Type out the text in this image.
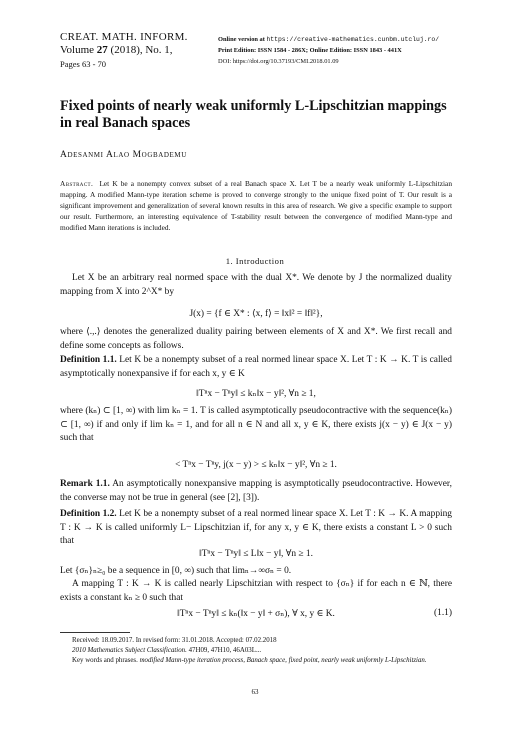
CREAT. MATH. INFORM.
Volume 27 (2018), No. 1,
Pages 63 - 70
Online version at https://creative-mathematics.cunbm.utcluj.ro/
Print Edition: ISSN 1584 - 286X; Online Edition: ISSN 1843 - 441X
DOI: https://doi.org/10.37193/CMI.2018.01.09
Fixed points of nearly weak uniformly L-Lipschitzian mappings in real Banach spaces
Adesanmi Alao Mogbademu
Abstract. Let K be a nonempty convex subset of a real Banach space X. Let T be a nearly weak uniformly L-Lipschitzian mapping. A modified Mann-type iteration scheme is proved to converge strongly to the unique fixed point of T. Our result is a significant improvement and generalization of several known results in this area of research. We give a specific example to support our result. Furthermore, an interesting equivalence of T-stability result between the convergence of modified Mann-type and modified Mann iterations is included.
1. Introduction
Let X be an arbitrary real normed space with the dual X*. We denote by J the normalized duality mapping from X into 2^X* by
J(x) = {f ∈ X* : ⟨x, f⟩ = ‖x‖² = ‖f‖²},
where ⟨.,.⟩ denotes the generalized duality pairing between elements of X and X*. We first recall and define some concepts as follows.
Definition 1.1. Let K be a nonempty subset of a real normed linear space X. Let T : K → K. T is called asymptotically nonexpansive if for each x, y ∈ K
‖Tⁿx − Tⁿy‖ ≤ kₙ‖x − y‖², ∀n ≥ 1,
where (kₙ) ⊂ [1, ∞) with lim kₙ = 1. T is called asymptotically pseudocontractive with the sequence(kₙ) ⊂ [1, ∞) if and only if lim kₙ = 1, and for all n ∈ N and all x, y ∈ K, there exists j(x − y) ∈ J(x − y) such that
< Tⁿx − Tⁿy, j(x − y) > ≤ kₙ‖x − y‖², ∀n ≥ 1.
Remark 1.1. An asymptotically nonexpansive mapping is asymptotically pseudocontractive. However, the converse may not be true in general (see [2], [3]).
Definition 1.2. Let K be a nonempty subset of a real normed linear space X. Let T : K → K. A mapping T : K → K is called uniformly L− Lipschitzian if, for any x, y ∈ K, there exists a constant L > 0 such that
‖Tⁿx − Tⁿy‖ ≤ L‖x − y‖, ∀n ≥ 1.
Let {σₙ}ₙ≥₀ be a sequence in [0, ∞) such that limₙ→∞σₙ = 0.
A mapping T : K → K is called nearly Lipschitzian with respect to {σₙ} if for each n ∈ ℕ, there exists a constant kₙ ≥ 0 such that
‖Tⁿx − Tⁿy‖ ≤ kₙ(‖x − y‖ + σₙ), ∀ x, y ∈ K.	(1.1)
Received: 18.09.2017. In revised form: 31.01.2018. Accepted: 07.02.2018
2010 Mathematics Subject Classification. 47H09, 47H10, 46A03L...
Key words and phrases. modified Mann-type iteration process, Banach space, fixed point, nearly weak uniformly L-Lipschitzian.
63
